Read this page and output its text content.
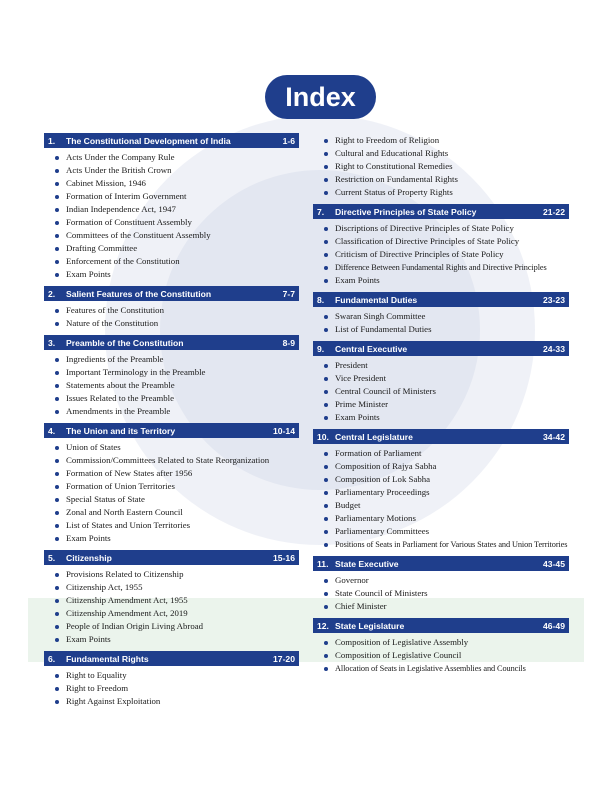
Index
1.	The Constitutional Development of India	1-6
Acts Under the Company Rule
Acts Under the British Crown
Cabinet Mission, 1946
Formation of Interim Government
Indian Independence Act, 1947
Formation of Constituent Assembly
Committees of the Constituent Assembly
Drafting Committee
Enforcement of the Constitution
Exam Points
2.	Salient Features of the Constitution	7-7
Features of the Constitution
Nature of the Constitution
3.	Preamble of the Constitution	8-9
Ingredients of the Preamble
Important Terminology in the Preamble
Statements about the Preamble
Issues Related to the Preamble
Amendments in the Preamble
4.	The Union and its Territory	10-14
Union of States
Commission/Committees Related to State Reorganization
Formation of New States after 1956
Formation of Union Territories
Special Status of State
Zonal and North Eastern Council
List of States and Union Territories
Exam Points
5.	Citizenship	15-16
Provisions Related to Citizenship
Citizenship Act, 1955
Citizenship Amendment Act, 1955
Citizenship Amendment Act, 2019
People of Indian Origin Living Abroad
Exam Points
6.	Fundamental Rights	17-20
Right to Equality
Right to Freedom
Right Against Exploitation
Right to Freedom of Religion
Cultural and Educational Rights
Right to Constitutional Remedies
Restriction on Fundamental Rights
Current Status of Property Rights
7.	Directive Principles of State Policy	21-22
Discriptions of Directive Principles of State Policy
Classification of Directive Principles of State Policy
Criticism of Directive Principles of State Policy
Difference Between Fundamental Rights and Directive Principles
Exam Points
8.	Fundamental Duties	23-23
Swaran Singh Committee
List of Fundamental Duties
9.	Central Executive	24-33
President
Vice President
Central Council of Ministers
Prime Minister
Exam Points
10. Central Legislature	34-42
Formation of Parliament
Composition of Rajya Sabha
Composition of Lok Sabha
Parliamentary Proceedings
Budget
Parliamentary Motions
Parliamentary Committees
Positions of Seats in Parliament for Various States and Union Territories
11. State Executive	43-45
Governor
State Council of Ministers
Chief Minister
12. State Legislature	46-49
Composition of Legislative Assembly
Composition of Legislative Council
Allocation of Seats in Legislative Assemblies and Councils
